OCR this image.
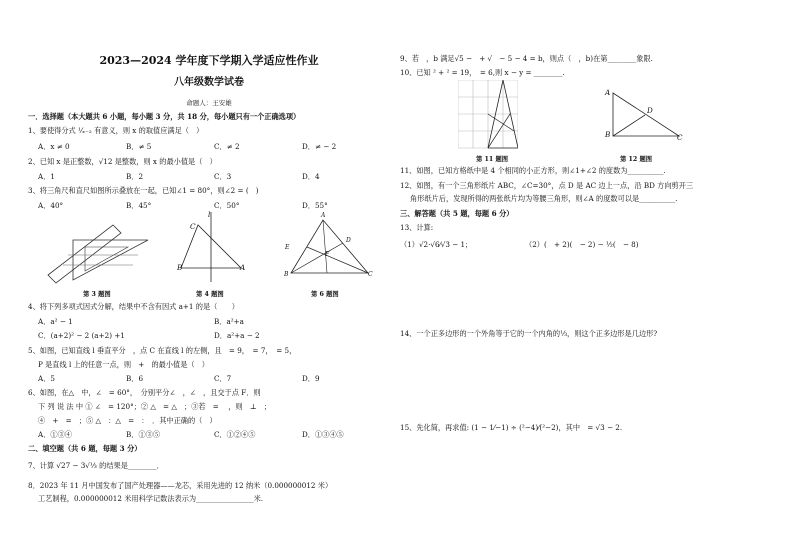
2023—2024 学年度下学期入学适应性作业
八年级数学试卷
命题人：王安雄
一．选择题（本大题共 6 小题，每小题 3 分，共 18 分，每小题只有一个正确选项）
1、要使得分式 ¹⁄ₓ₋₂ 有意义，则 x 的取值应满足（　）
A．x ≠ 0	B．≠ 5	C．≠ 2	D．≠ − 2
2、已知 x 是正整数，√12 是整数，则 x 的最小值是（　）
A．1	B．2	C．3	D．4
3、将三角尺和直尺如图所示叠放在一起，已知∠1 = 80°，则∠2 = (　)
A．40°	B．45°	C．50°	D．55°
第 3 题图
l
C
A
B
第 4 题图
A
E
F
D
B	C
第 6 题图
4、将下列多项式因式分解，结果中不含有因式 a+1 的是（　　）
A．a² − 1	B．a²+a
C．(a+2)² − 2 (a+2) +1	D．a²+a − 2
5、如图，已知直线 l 垂直平分　，点 C 在直线 l 的左侧，且　= 9，　= 7，　= 5，
P 是直线 l 上的任意一点，则　+　的最小值是（　）
A．5	B．6	C．7	D．9
6、如图，在△　中，∠　= 60°，　分别平分∠　，∠　，且交于点 F．则
下 列 说 法 中 ① ∠　= 120°；② △　= △　；③若　= 　，则　⊥　；
④　+　=　；⑤ △　：△　=　：　．其中正确的（　）
A．①③④	B．①③⑤	C．①②④⑤	D．①③④⑤
二、填空题（共 6 题，每题 3 分）
7、计算 √27 − 3√⅓ 的结果是________．
8．2023 年 11 月中国发布了国产处理器——龙芯，采用先进的 12 纳米（0.000000012 米）
工艺制程，0.000000012 米用科学记数法表示为________________米.
9、若　，b 满足√5 −　+ √　− 5 − 4 = b，则点（　，b)在第________象限.
10、已知 ² + ² = 19，　= 6,则 x − y = ________.
第 11 题图
A
D
B	C
第 12 题图
11、如图，已知方格纸中是 4 个相同的小正方形，则∠1+∠2 的度数为__________.
12、如图，有一个三角形纸片 ABC，∠C=30°，点 D 是 AC 边上一点，沿 BD 方向剪开三
角形纸片后，发现所得的两张纸片均为等腰三角形，则∠A 的度数可以是__________.
三、解答题（共 5 题，每题 6 分）
13、计算:
（1）√2·√6⁄√3 − 1；	（2）(　+ 2)(　− 2) − ½(　− 8)
14、一个正多边形的一个外角等于它的一个内角的⅓，则这个正多边形是几边形?
15、先化简，再求值: (1 − 1⁄−1) ÷ (²−4)⁄(²−2)，其中　= √3 − 2.
